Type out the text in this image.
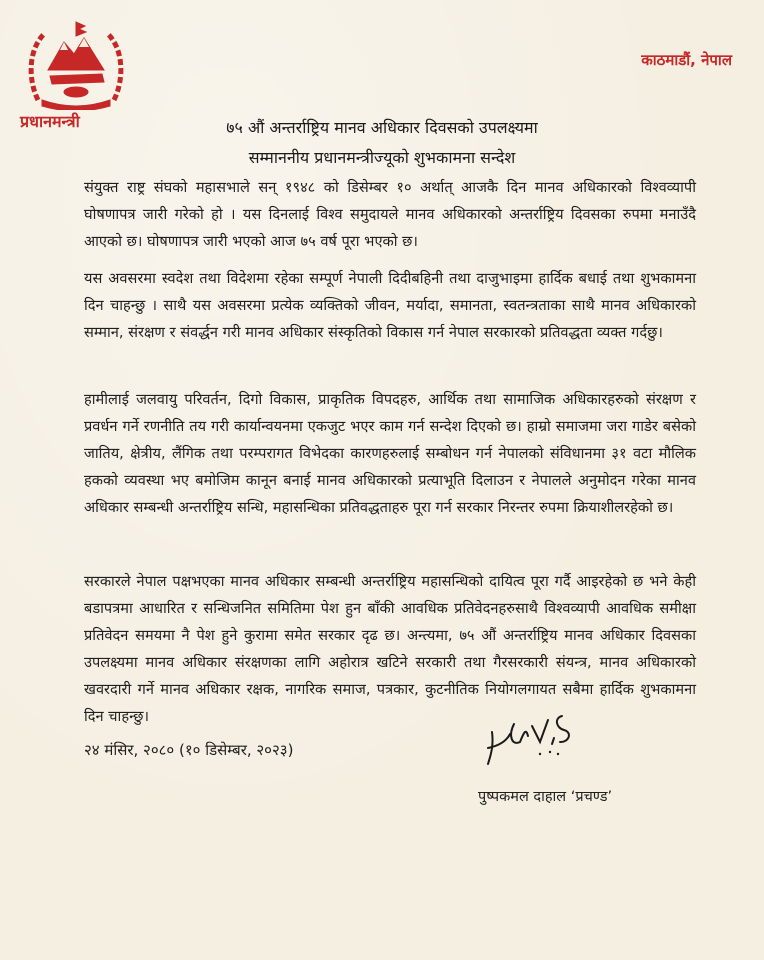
प्रधानमन्त्री
काठमाडौं, नेपाल
७५ औं अन्तर्राष्ट्रिय मानव अधिकार दिवसको उपलक्ष्यमा
सम्माननीय प्रधानमन्त्रीज्यूको शुभकामना सन्देश
संयुक्त राष्ट्र संघको महासभाले सन् १९४८ को डिसेम्बर १० अर्थात् आजकै दिन मानव अधिकारको विश्वव्यापी घोषणापत्र जारी गरेको हो । यस दिनलाई विश्व समुदायले मानव अधिकारको अन्तर्राष्ट्रिय दिवसका रुपमा मनाउँदै आएको छ। घोषणापत्र जारी भएको आज ७५ वर्ष पूरा भएको छ।
यस अवसरमा स्वदेश तथा विदेशमा रहेका सम्पूर्ण नेपाली दिदीबहिनी तथा दाजुभाइमा हार्दिक बधाई तथा शुभकामना दिन चाहन्छु । साथै यस अवसरमा प्रत्येक व्यक्तिको जीवन, मर्यादा, समानता, स्वतन्त्रताका साथै मानव अधिकारको सम्मान, संरक्षण र संवर्द्धन गरी मानव अधिकार संस्कृतिको विकास गर्न नेपाल सरकारको प्रतिवद्धता व्यक्त गर्दछु।
हामीलाई जलवायु परिवर्तन, दिगो विकास, प्राकृतिक विपदहरु, आर्थिक तथा सामाजिक अधिकारहरुको संरक्षण र प्रवर्धन गर्ने रणनीति तय गरी कार्यान्वयनमा एकजुट भएर काम गर्न सन्देश दिएको छ। हाम्रो समाजमा जरा गाडेर बसेको जातिय, क्षेत्रीय, लैंगिक तथा परम्परागत विभेदका कारणहरुलाई सम्बोधन गर्न नेपालको संविधानमा ३१ वटा मौलिक हकको व्यवस्था भए बमोजिम कानून बनाई मानव अधिकारको प्रत्याभूति दिलाउन र नेपालले अनुमोदन गरेका मानव अधिकार सम्बन्धी अन्तर्राष्ट्रिय सन्धि, महासन्धिका प्रतिवद्धताहरु पूरा गर्न सरकार निरन्तर रुपमा क्रियाशीलरहेको छ।
सरकारले नेपाल पक्षभएका मानव अधिकार सम्बन्धी अन्तर्राष्ट्रिय महासन्धिको दायित्व पूरा गर्दै आइरहेको छ भने केही बडापत्रमा आधारित र सन्धिजनित समितिमा पेश हुन बाँकी आवधिक प्रतिवेदनहरुसाथै विश्वव्यापी आवधिक समीक्षा प्रतिवेदन समयमा नै पेश हुने कुरामा समेत सरकार दृढ छ। अन्त्यमा, ७५ औं अन्तर्राष्ट्रिय मानव अधिकार दिवसका उपलक्ष्यमा मानव अधिकार संरक्षणका लागि अहोरात्र खटिने सरकारी तथा गैरसरकारी संयन्त्र, मानव अधिकारको खवरदारी गर्ने मानव अधिकार रक्षक, नागरिक समाज, पत्रकार, कुटनीतिक नियोगलगायत सबैमा हार्दिक शुभकामना दिन चाहन्छु।
२४ मंसिर, २०८० (१० डिसेम्बर, २०२३)
पुष्पकमल दाहाल ‘प्रचण्ड’
